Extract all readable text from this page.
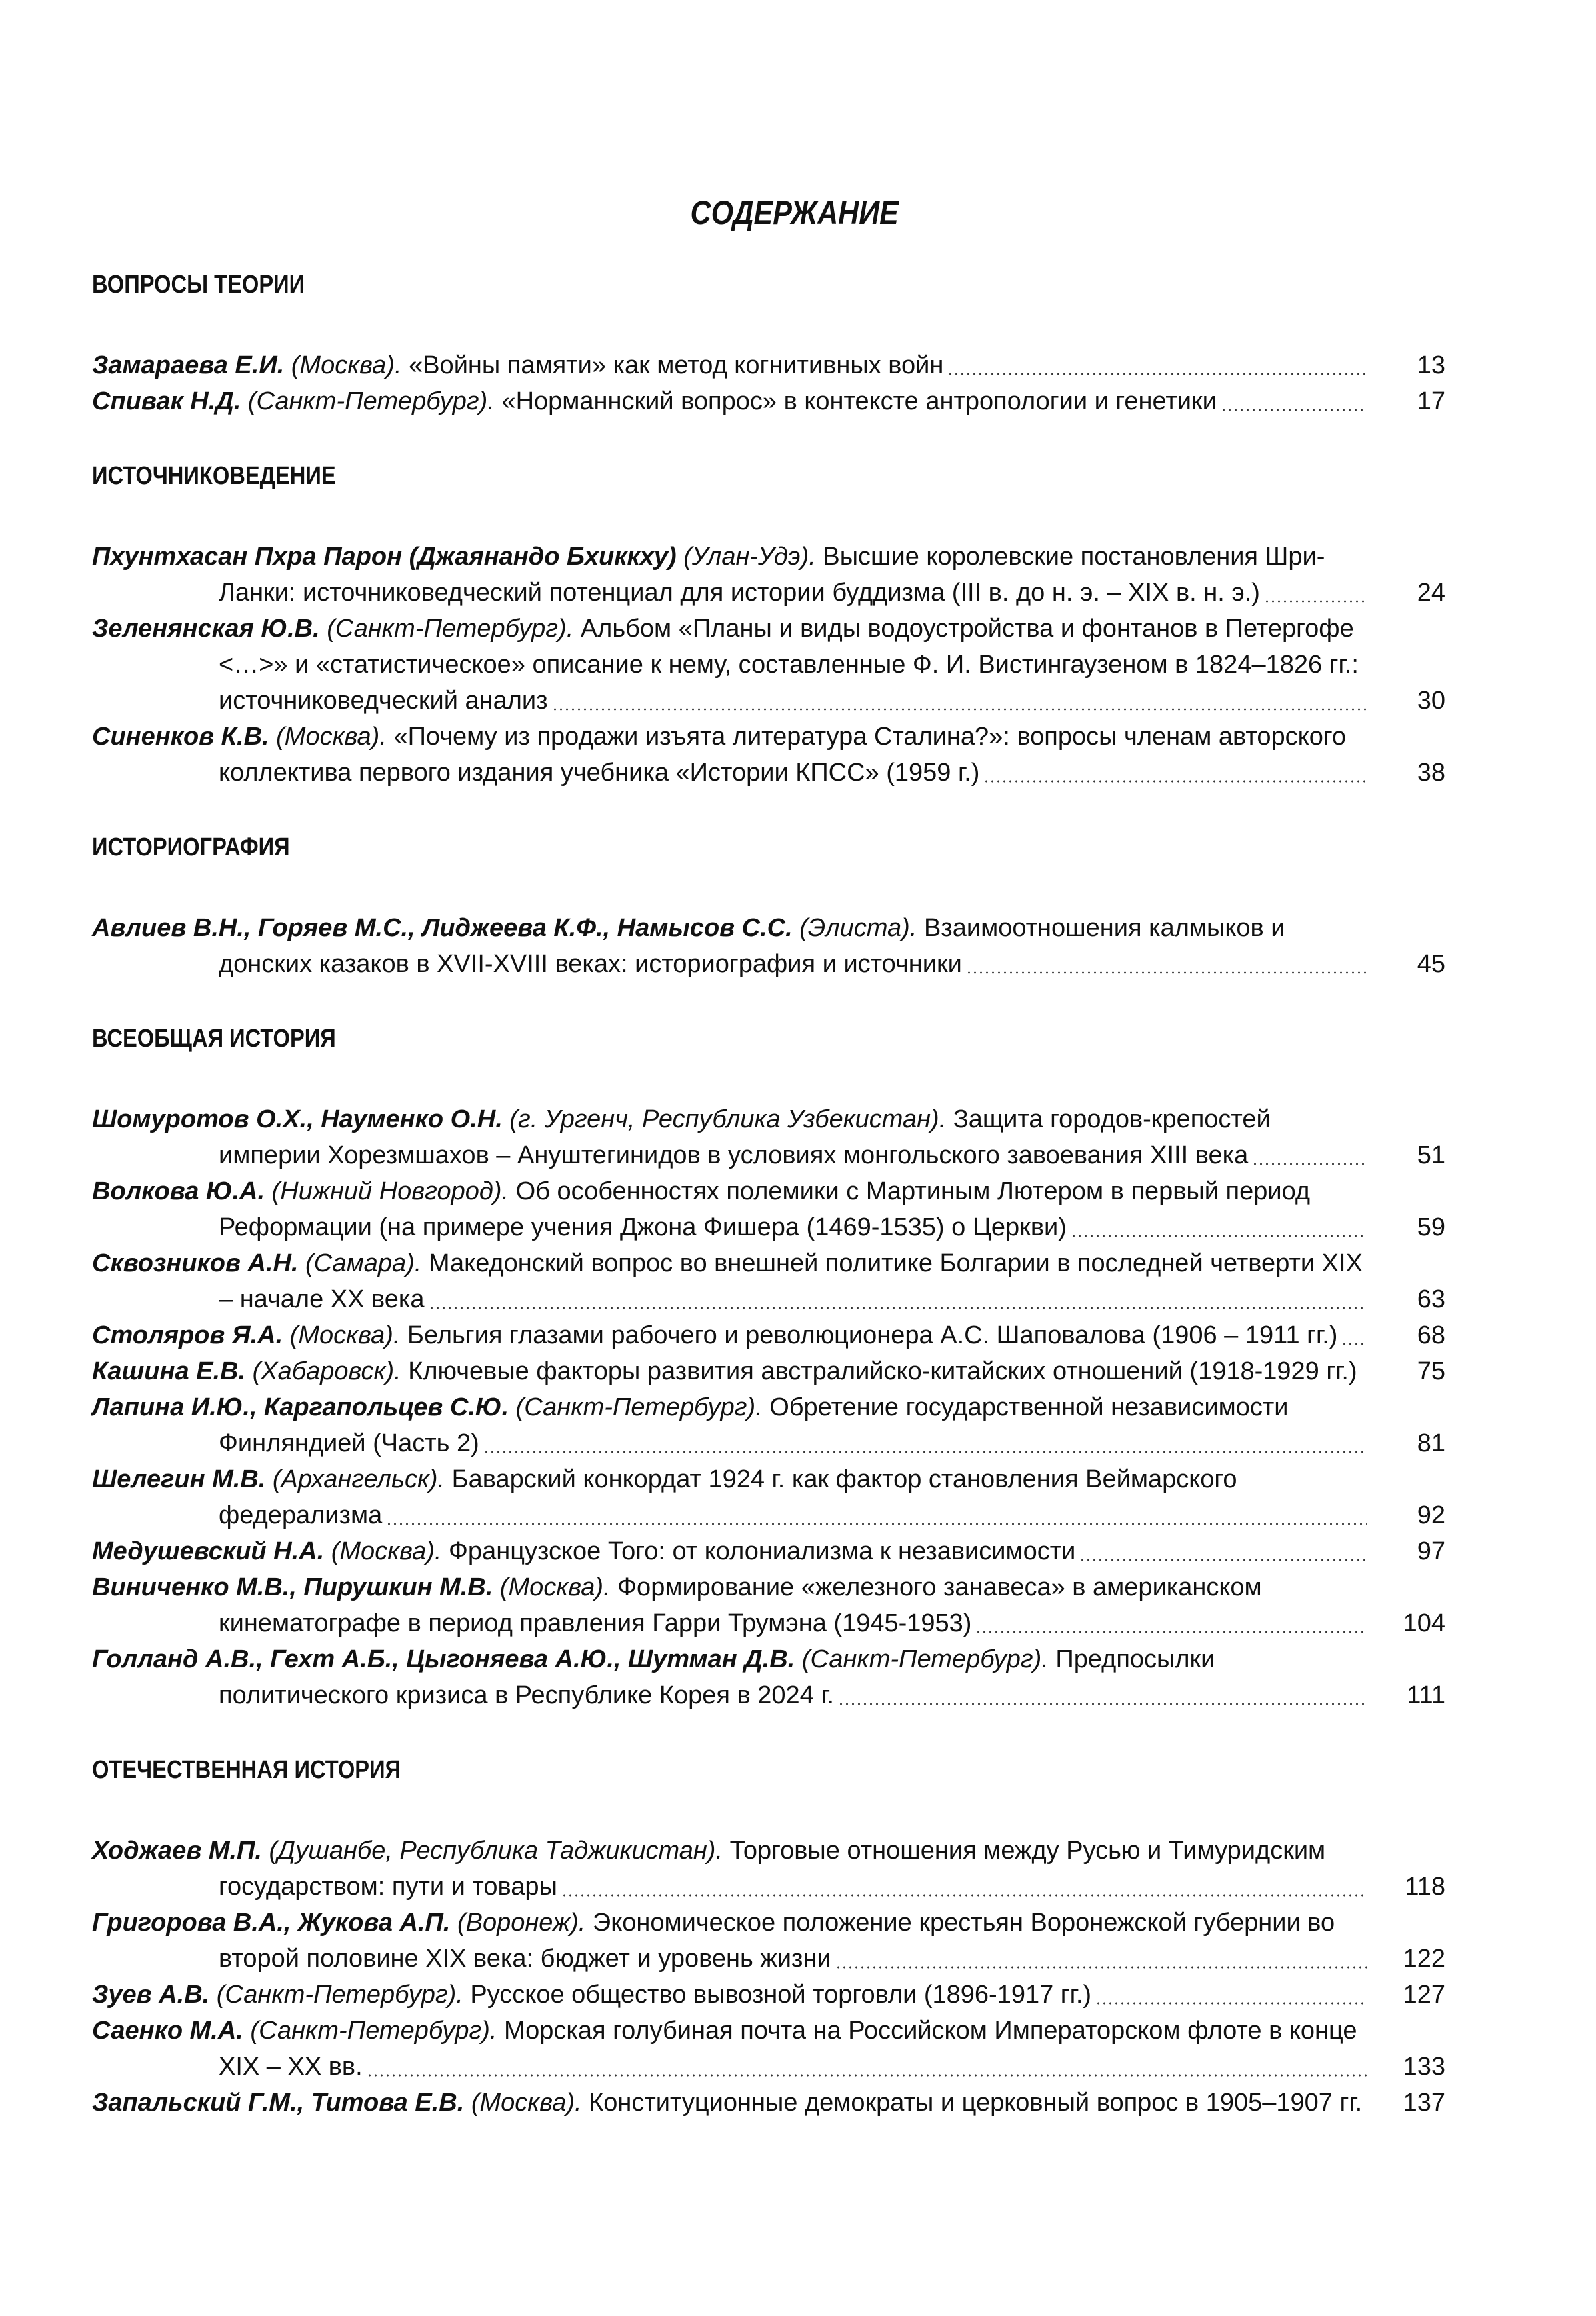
СОДЕРЖАНИЕ
ВОПРОСЫ ТЕОРИИ
Замараева Е.И. (Москва). «Войны памяти» как метод когнитивных войн	13
Спивак Н.Д. (Санкт-Петербург). «Норманнский вопрос» в контексте антропологии и генетики	17
ИСТОЧНИКОВЕДЕНИЕ
Пхунтхасан Пхра Парон (Джаянандо Бхиккху) (Улан-Удэ). Высшие королевские постановления Шри-Ланки: источниковедческий потенциал для истории буддизма (III в. до н. э. – XIX в. н. э.)	24
Зеленянская Ю.В. (Санкт-Петербург). Альбом «Планы и виды водоустройства и фонтанов в Петергофе <…>» и «статистическое» описание к нему, составленные Ф. И. Вистингаузеном в 1824–1826 гг.: источниковедческий анализ	30
Синенков К.В. (Москва). «Почему из продажи изъята литература Сталина?»: вопросы членам авторского коллектива первого издания учебника «Истории КПСС» (1959 г.)	38
ИСТОРИОГРАФИЯ
Авлиев В.Н., Горяев М.С., Лиджеева К.Ф., Намысов С.С. (Элиста). Взаимоотношения калмыков и донских казаков в XVII-XVIII веках: историография и источники	45
ВСЕОБЩАЯ ИСТОРИЯ
Шомуротов О.Х., Науменко О.Н. (г. Ургенч, Республика Узбекистан). Защита городов-крепостей империи Хорезмшахов – Ануштегинидов в условиях монгольского завоевания XIII века	51
Волкова Ю.А. (Нижний Новгород). Об особенностях полемики с Мартиным Лютером в первый период Реформации (на примере учения Джона Фишера (1469-1535) о Церкви)	59
Сквозников А.Н. (Самара). Македонский вопрос во внешней политике Болгарии в последней четверти XIX – начале XX века	63
Столяров Я.А. (Москва). Бельгия глазами рабочего и революционера А.С. Шаповалова (1906 – 1911 гг.)	68
Кашина Е.В. (Хабаровск). Ключевые факторы развития австралийско-китайских отношений (1918-1929 гг.)	75
Лапина И.Ю., Каргапольцев С.Ю. (Санкт-Петербург). Обретение государственной независимости Финляндией (Часть 2)	81
Шелегин М.В. (Архангельск). Баварский конкордат 1924 г. как фактор становления Веймарского федерализма	92
Медушевский Н.А. (Москва). Французское Того: от колониализма к независимости	97
Виниченко М.В., Пирушкин М.В. (Москва). Формирование «железного занавеса» в американском кинематографе в период правления Гарри Трумэна (1945-1953)	104
Голланд А.В., Гехт А.Б., Цыгоняева А.Ю., Шутман Д.В. (Санкт-Петербург). Предпосылки политического кризиса в Республике Корея в 2024 г.	111
ОТЕЧЕСТВЕННАЯ ИСТОРИЯ
Ходжаев М.П. (Душанбе, Республика Таджикистан). Торговые отношения между Русью и Тимуридским государством: пути и товары	118
Григорова В.А., Жукова А.П. (Воронеж). Экономическое положение крестьян Воронежской губернии во второй половине XIX века: бюджет и уровень жизни	122
Зуев А.В. (Санкт-Петербург). Русское общество вывозной торговли (1896-1917 гг.)	127
Саенко М.А. (Санкт-Петербург). Морская голубиная почта на Российском Императорском флоте в конце XIX – XX вв.	133
Запальский Г.М., Титова Е.В. (Москва). Конституционные демократы и церковный вопрос в 1905–1907 гг.	137
